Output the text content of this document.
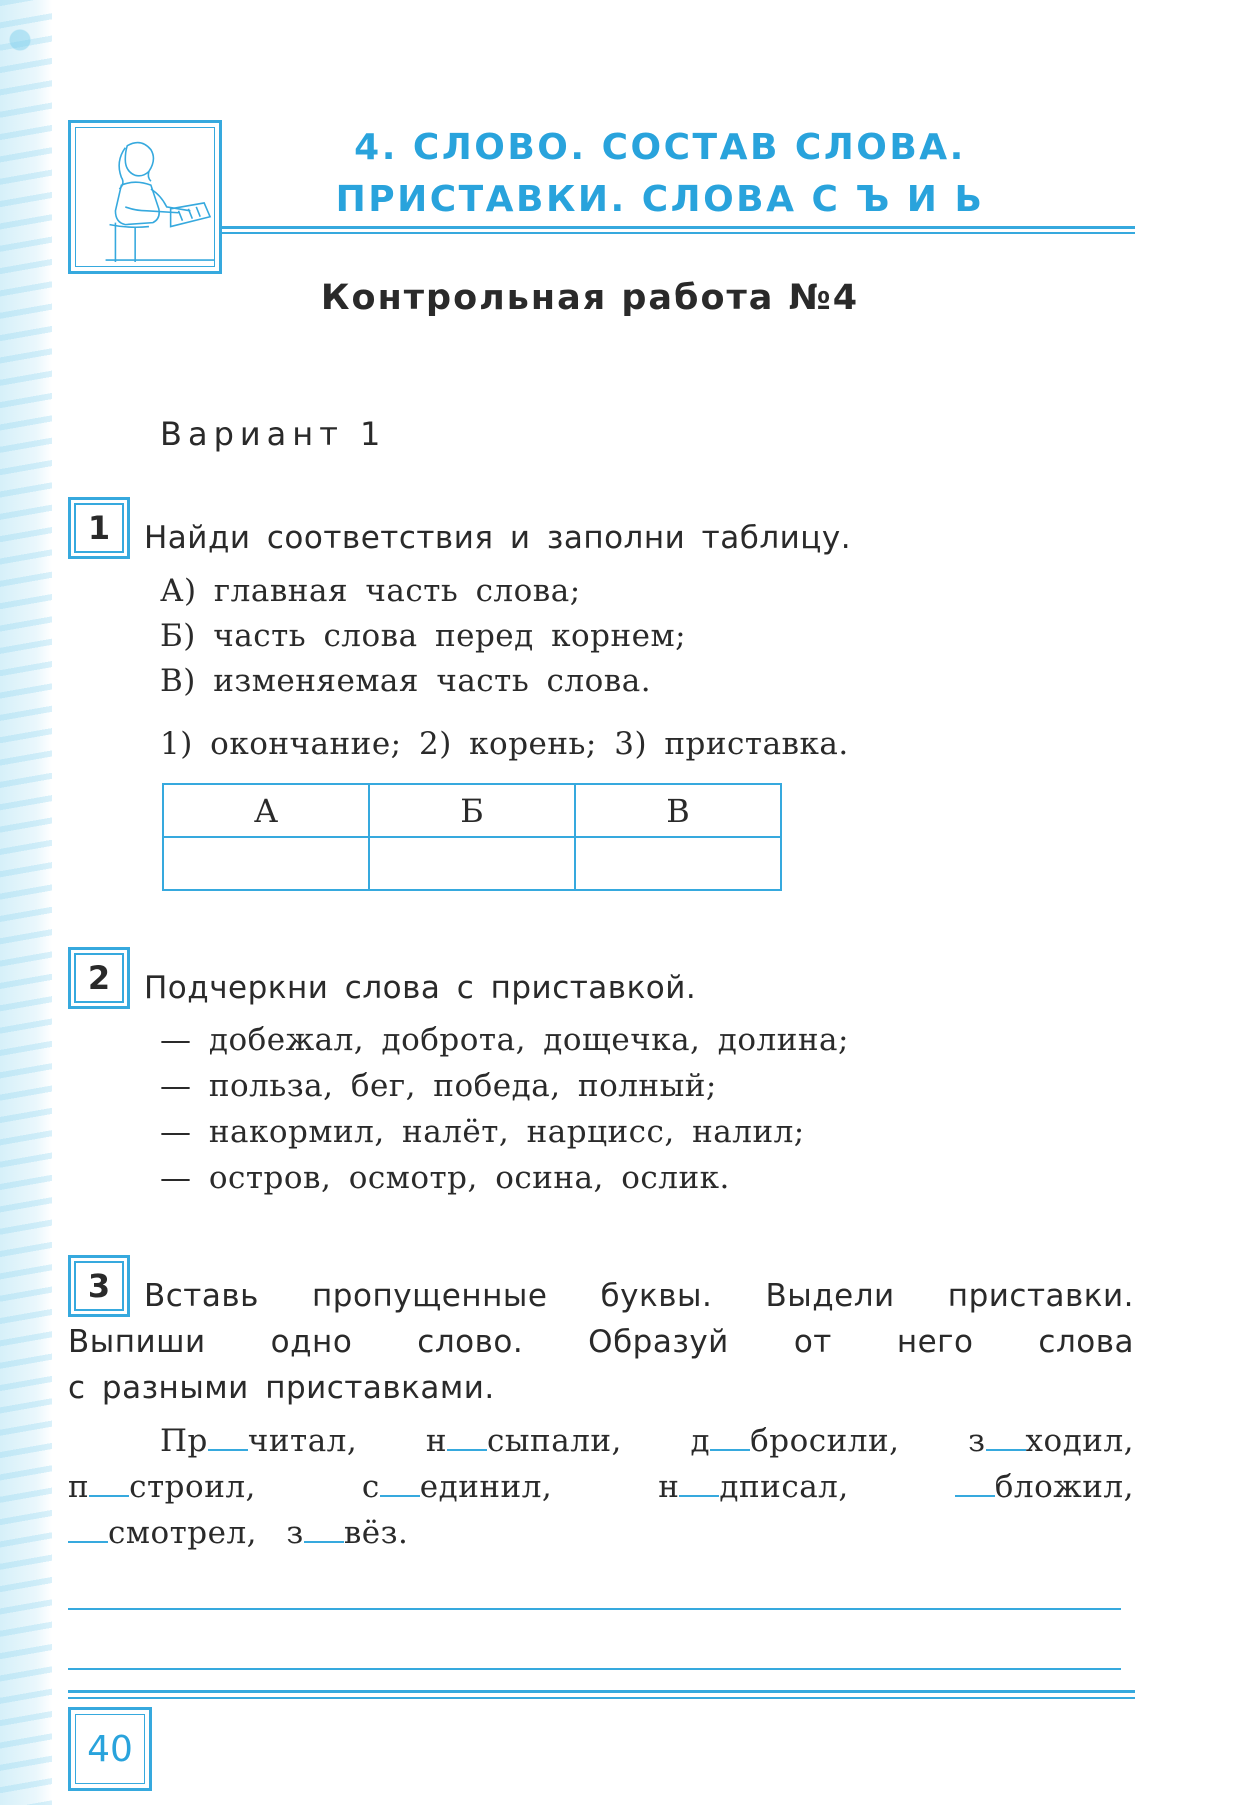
4. СЛОВО. СОСТАВ СЛОВА.
ПРИСТАВКИ. СЛОВА С Ъ И Ь
Контрольная работа №4
Вариант 1
1	Найди соответствия и заполни таблицу.
А) главная часть слова;
Б) часть слова перед корнем;
В) изменяемая часть слова.
1) окончание; 2) корень; 3) приставка.
А	Б	В

2	Подчеркни слова с приставкой.
— добежал, доброта, дощечка, долина;
— польза, бег, победа, полный;
— накормил, налёт, нарцисс, налил;
— остров, осмотр, осина, ослик.
3	Вставь пропущенные буквы. Выдели приставки.
Выпиши одно слово. Образуй от него слова
с разными приставками.
Пр читал, н сыпали, д бросили, з ходил,
п строил,	с единил,	н дписал,	бложил,
смотрел, з вёз.
40
